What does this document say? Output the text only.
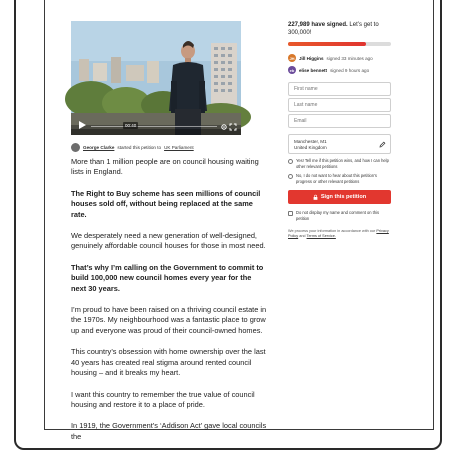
00:40
George Clarke started this petition to UK Parliament

More than 1 million people are on council housing waiting lists in England.

The Right to Buy scheme has seen millions of council houses sold off, without being replaced at the same rate.

We desperately need a new generation of well-designed, genuinely affordable council houses for those in most need.

That’s why I’m calling on the Government to commit to build 100,000 new council homes every year for the next 30 years.

I’m proud to have been raised on a thriving council estate in the 1970s. My neighbourhood was a fantastic place to grow up and everyone was proud of their council-owned homes.

This country’s obsession with home ownership over the last 40 years has created real stigma around rented council housing – and it breaks my heart.

I want this country to remember the true value of council housing and restore it to a place of pride.

In 1919, the Government’s ‘Addison Act’ gave local councils the

227,989 have signed. Let’s get to 300,000!
JH Jill Higgins signed 33 minutes ago
eb	elise bennett signed 9 hours ago
First name
Last name
Email
Manchester, M1
United Kingdom
Yes! Tell me if this petition wins, and how I can help other relevant petitions
No, I do not want to hear about this petition’s progress or other relevant petitions
Sign this petition
Do not display my name and comment on this petition
We process your information in accordance with our Privacy Policy and Terms of Service.
